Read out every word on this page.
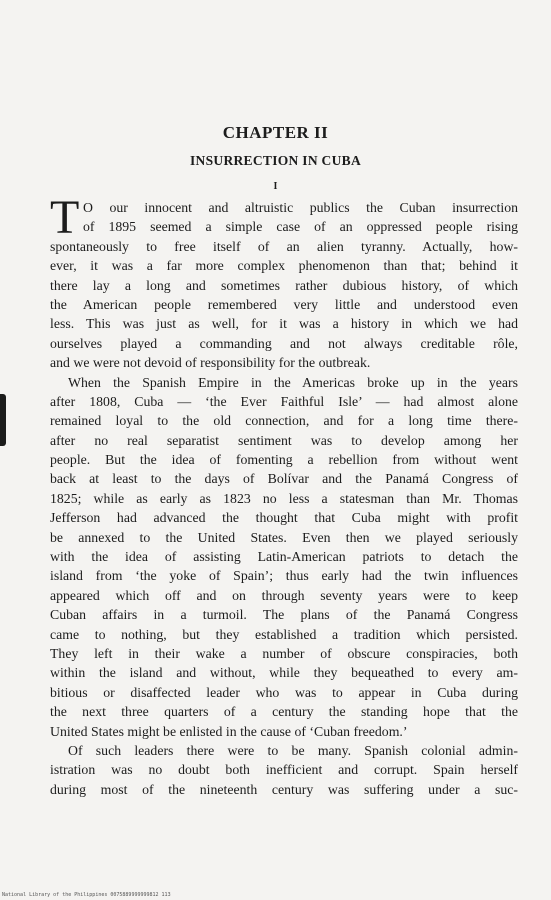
CHAPTER II
INSURRECTION IN CUBA
I
T O our innocent and altruistic publics the Cuban insurrection
of 1895 seemed a simple case of an oppressed people rising
spontaneously to free itself of an alien tyranny. Actually, how-
ever, it was a far more complex phenomenon than that; behind it
there lay a long and sometimes rather dubious history, of which
the American people remembered very little and understood even
less. This was just as well, for it was a history in which we had
ourselves played a commanding and not always creditable rôle,
and we were not devoid of responsibility for the outbreak.
When the Spanish Empire in the Americas broke up in the years
after 1808, Cuba — ‘the Ever Faithful Isle’ — had almost alone
remained loyal to the old connection, and for a long time there-
after no real separatist sentiment was to develop among her
people. But the idea of fomenting a rebellion from without went
back at least to the days of Bolívar and the Panamá Congress of
1825; while as early as 1823 no less a statesman than Mr. Thomas
Jefferson had advanced the thought that Cuba might with profit
be annexed to the United States. Even then we played seriously
with the idea of assisting Latin-American patriots to detach the
island from ‘the yoke of Spain’; thus early had the twin influences
appeared which off and on through seventy years were to keep
Cuban affairs in a turmoil. The plans of the Panamá Congress
came to nothing, but they established a tradition which persisted.
They left in their wake a number of obscure conspiracies, both
within the island and without, while they bequeathed to every am-
bitious or disaffected leader who was to appear in Cuba during
the next three quarters of a century the standing hope that the
United States might be enlisted in the cause of ‘Cuban freedom.’
Of such leaders there were to be many. Spanish colonial admin-
istration was no doubt both inefficient and corrupt. Spain herself
during most of the nineteenth century was suffering under a suc-
National Library of the Philippines 0075889999999812 113
